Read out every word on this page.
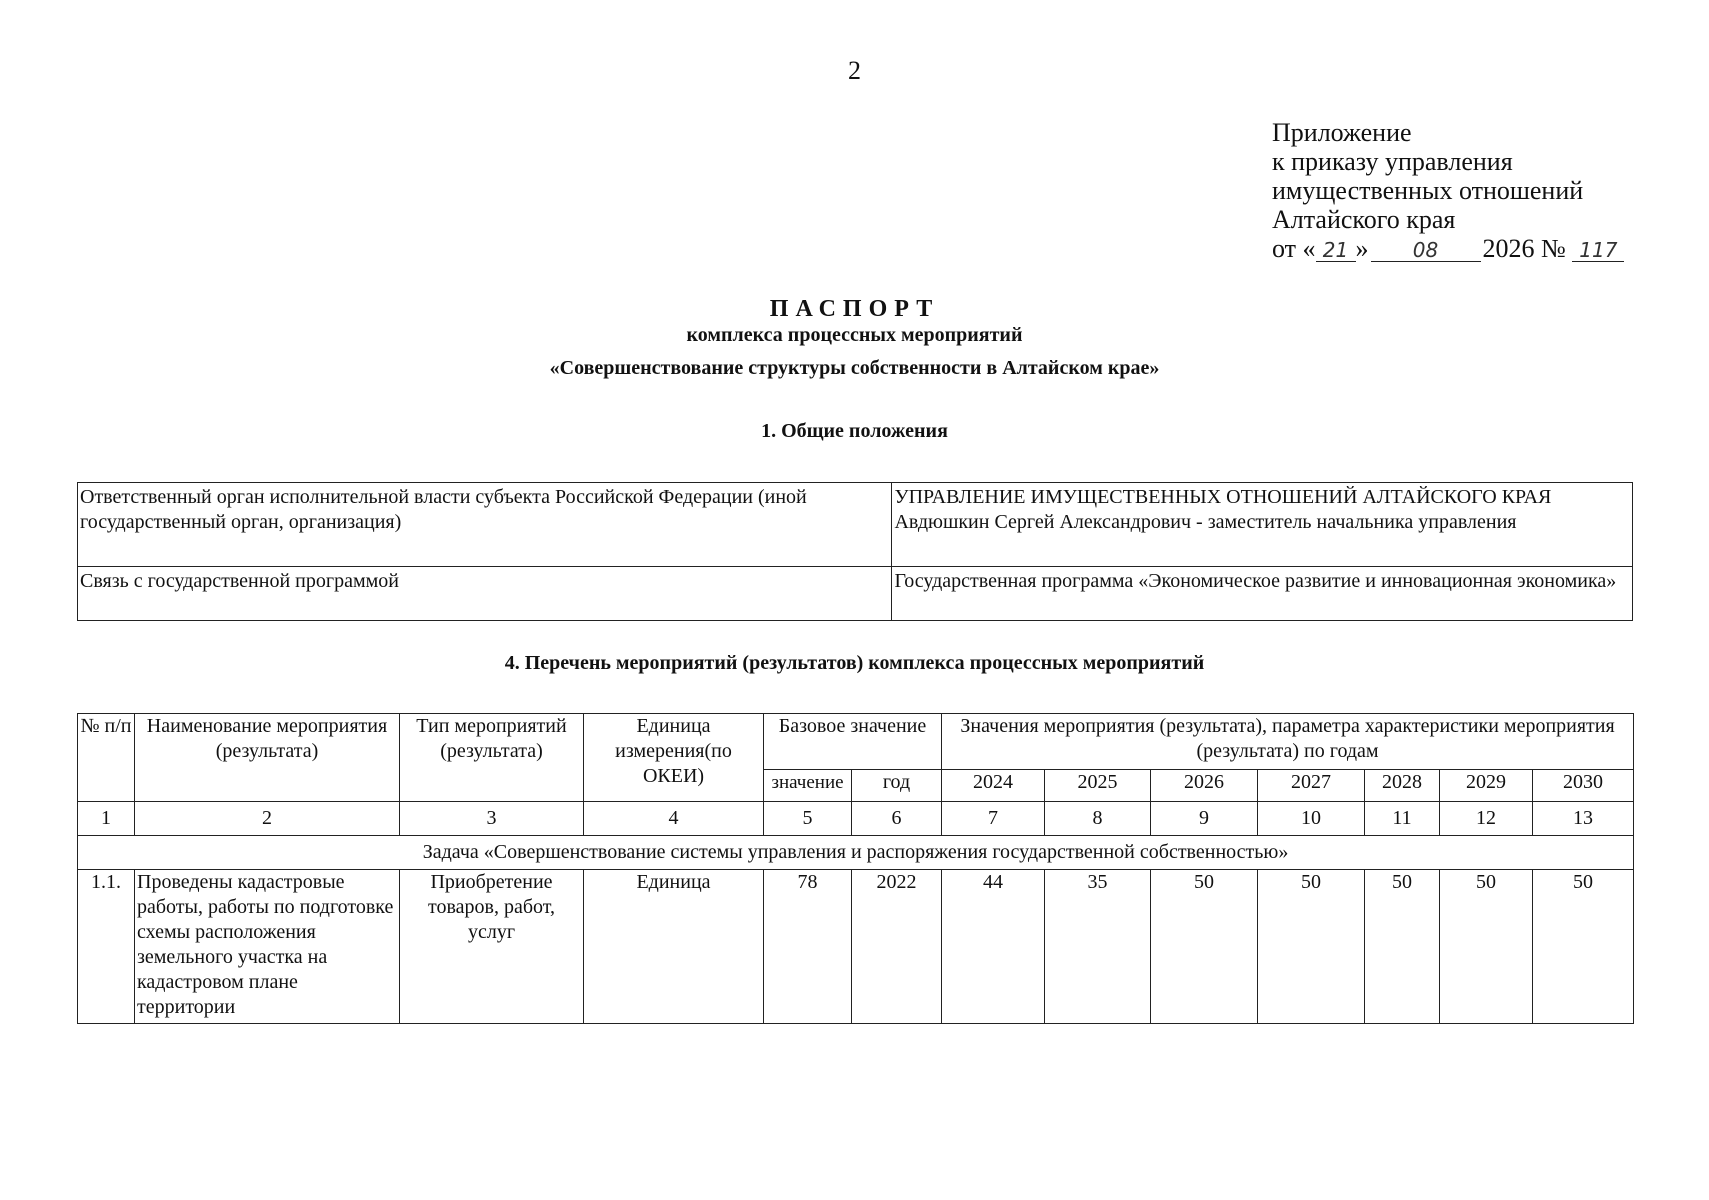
2
Приложение
к приказу управления
имущественных отношений
Алтайского края
от « 21 » 08 2026 № 117
ПАСПОРТ
комплекса процессных мероприятий
«Совершенствование структуры собственности в Алтайском крае»
1. Общие положения
Ответственный орган исполнительной власти субъекта Российской Федерации (иной государственный орган, организация)	УПРАВЛЕНИЕ ИМУЩЕСТВЕННЫХ ОТНОШЕНИЙ АЛТАЙСКОГО КРАЯ Авдюшкин Сергей Александрович - заместитель начальника управления
Связь с государственной программой	Государственная программа «Экономическое развитие и инновационная экономика»
4. Перечень мероприятий (результатов) комплекса процессных мероприятий
№ п/п	Наименование мероприятия (результата)	Тип мероприятий (результата)	Единица измерения(по ОКЕИ)	Базовое значение		Значения мероприятия (результата), параметра характеристики мероприятия (результата) по годам						
				значение	год	2024	2025	2026	2027	2028	2029	2030
1	2	3	4	5	6	7	8	9	10	11	12	13
Задача «Совершенствование системы управления и распоряжения государственной собственностью»												
1.1.	Проведены кадастровые работы, работы по подготовке схемы расположения земельного участка на кадастровом плане территории	Приобретение товаров, работ, услуг	Единица	78	2022	44	35	50	50	50	50	50
